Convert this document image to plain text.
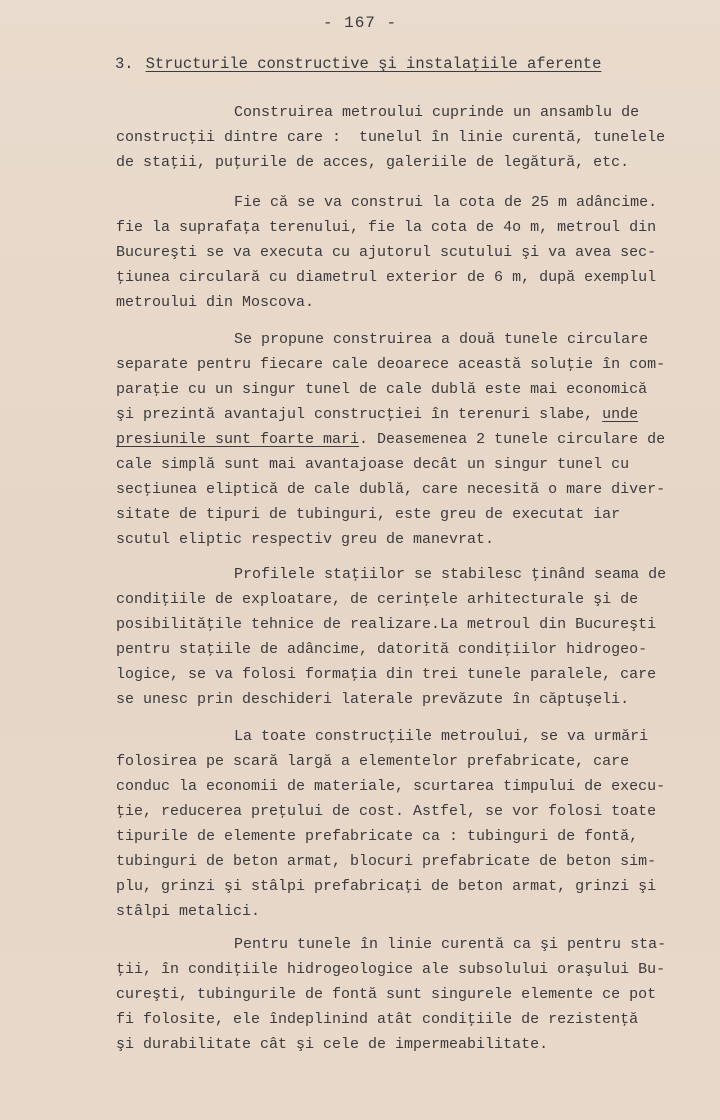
- 167 -
3. Structurile constructive şi instalaţiile aferente
Construirea metroului cuprinde un ansamblu de
construcţii dintre care :  tunelul în linie curentă, tunelele
de staţii, puţurile de acces, galeriile de legătură, etc.
Fie că se va construi la cota de 25 m adâncime.
fie la suprafaţa terenului, fie la cota de 4o m, metroul din
Bucureşti se va executa cu ajutorul scutului şi va avea sec-
ţiunea circulară cu diametrul exterior de 6 m, după exemplul
metroului din Moscova.
Se propune construirea a două tunele circulare
separate pentru fiecare cale deoarece această soluţie în com-
paraţie cu un singur tunel de cale dublă este mai economică
şi prezintă avantajul construcţiei în terenuri slabe, unde
presiunile sunt foarte mari. Deasemenea 2 tunele circulare de
cale simplă sunt mai avantajoase decât un singur tunel cu
secţiunea eliptică de cale dublă, care necesită o mare diver-
sitate de tipuri de tubinguri, este greu de executat iar
scutul eliptic respectiv greu de manevrat.
Profilele staţiilor se stabilesc ţinând seama de
condiţiile de exploatare, de cerinţele arhitecturale şi de
posibilităţile tehnice de realizare.La metroul din Bucureşti
pentru staţiile de adâncime, datorită condiţiilor hidrogeo-
logice, se va folosi formaţia din trei tunele paralele, care
se unesc prin deschideri laterale prevăzute în căptuşeli.
La toate construcţiile metroului, se va urmări
folosirea pe scară largă a elementelor prefabricate, care
conduc la economii de materiale, scurtarea timpului de execu-
ţie, reducerea preţului de cost. Astfel, se vor folosi toate
tipurile de elemente prefabricate ca : tubinguri de fontă,
tubinguri de beton armat, blocuri prefabricate de beton sim-
plu, grinzi şi stâlpi prefabricaţi de beton armat, grinzi şi
stâlpi metalici.
Pentru tunele în linie curentă ca şi pentru sta-
ţii, în condiţiile hidrogeologice ale subsolului oraşului Bu-
cureşti, tubingurile de fontă sunt singurele elemente ce pot
fi folosite, ele îndeplinind atât condiţiile de rezistenţă
şi durabilitate cât şi cele de impermeabilitate.
